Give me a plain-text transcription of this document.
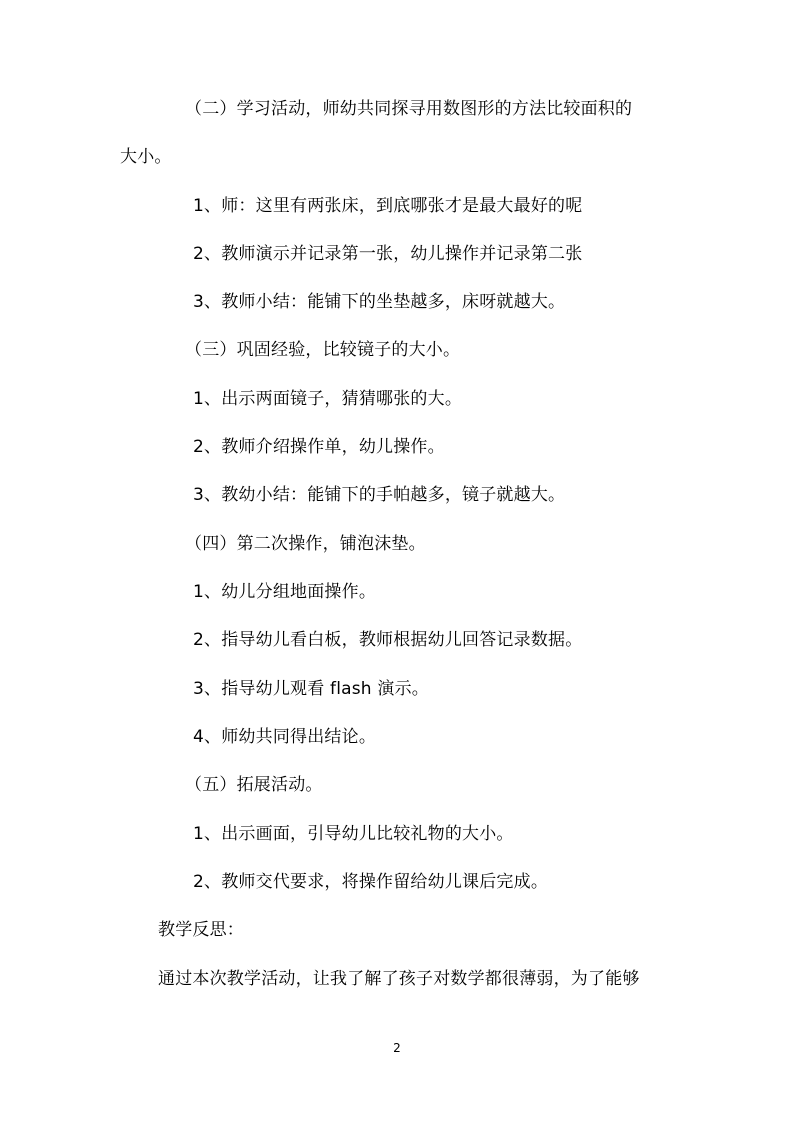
（二）学习活动，师幼共同探寻用数图形的方法比较面积的
大小。
1、师：这里有两张床，到底哪张才是最大最好的呢
2、教师演示并记录第一张，幼儿操作并记录第二张
3、教师小结：能铺下的坐垫越多，床呀就越大。
（三）巩固经验，比较镜子的大小。
1、出示两面镜子，猜猜哪张的大。
2、教师介绍操作单，幼儿操作。
3、教幼小结：能铺下的手帕越多，镜子就越大。
（四）第二次操作，铺泡沫垫。
1、幼儿分组地面操作。
2、指导幼儿看白板，教师根据幼儿回答记录数据。
3、指导幼儿观看 flash 演示。
4、师幼共同得出结论。
（五）拓展活动。
1、出示画面，引导幼儿比较礼物的大小。
2、教师交代要求，将操作留给幼儿课后完成。
教学反思：
通过本次教学活动，让我了解了孩子对数学都很薄弱，为了能够
2
